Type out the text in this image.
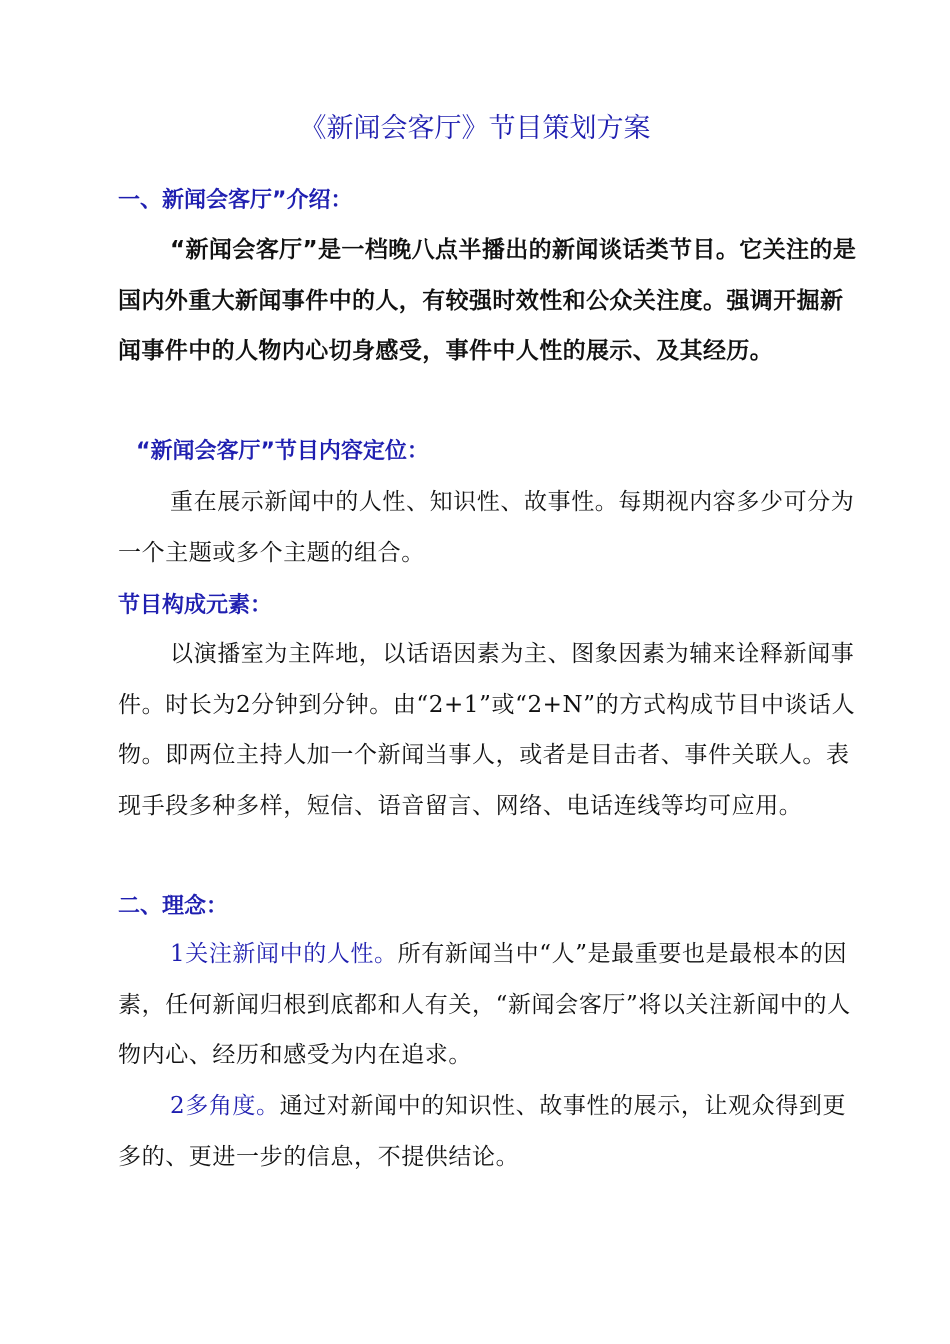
《新闻会客厅》节目策划方案
一、新闻会客厅”介绍：

“新闻会客厅”是一档晚八点半播出的新闻谈话类节目。它关注的是国内外重大新闻事件中的人，有较强时效性和公众关注度。强调开掘新闻事件中的人物内心切身感受，事件中人性的展示、及其经历。

“新闻会客厅”节目内容定位：

重在展示新闻中的人性、知识性、故事性。每期视内容多少可分为一个主题或多个主题的组合。

节目构成元素：

以演播室为主阵地，以话语因素为主、图象因素为辅来诠释新闻事件。时长为2分钟到分钟。由“2+1”或“2+N”的方式构成节目中谈话人物。即两位主持人加一个新闻当事人，或者是目击者、事件关联人。表现手段多种多样，短信、语音留言、网络、电话连线等均可应用。

二、理念：

1关注新闻中的人性。所有新闻当中“人”是最重要也是最根本的因素，任何新闻归根到底都和人有关，“新闻会客厅”将以关注新闻中的人物内心、经历和感受为内在追求。

2多角度。通过对新闻中的知识性、故事性的展示，让观众得到更多的、更进一步的信息，不提供结论。
